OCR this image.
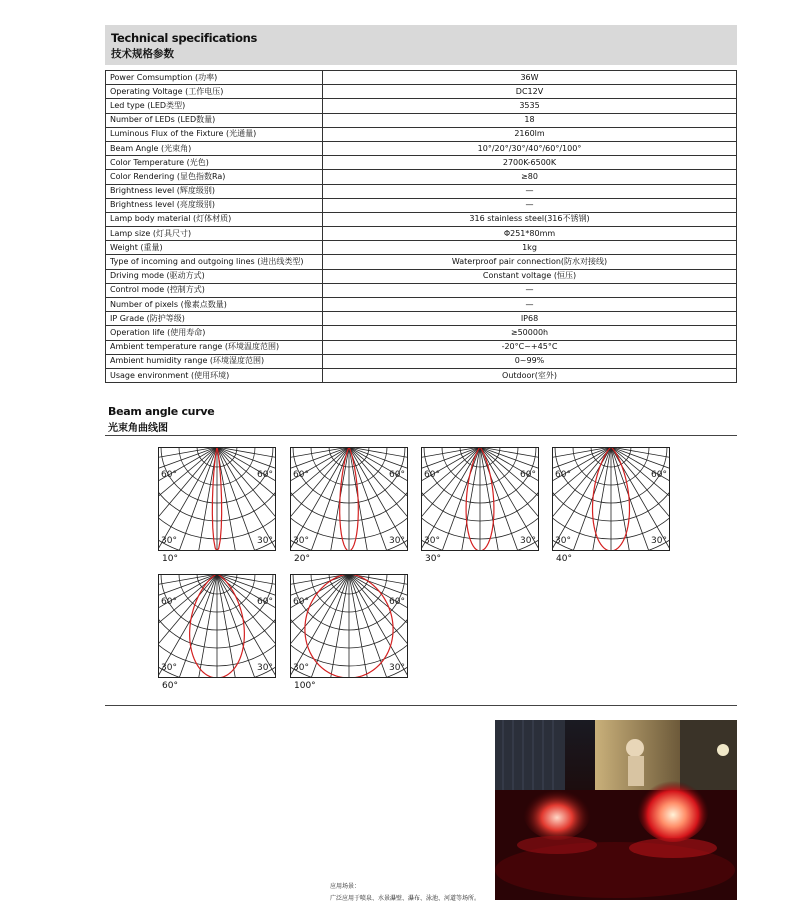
Technical specifications
技术规格参数
Power Comsumption (功率)	36W
Operating Voltage (工作电压)	DC12V
Led type (LED类型)	3535
Number of LEDs (LED数量)	18
Luminous Flux of the Fixture (光通量)	2160lm
Beam Angle (光束角)	10°/20°/30°/40°/60°/100°
Color Temperature (光色)	2700K-6500K
Color Rendering (显色指数Ra)	≥80
Brightness level (辉度级别)	—
Brightness level (亮度级别)	—
Lamp body material (灯体材质)	316 stainless steel(316不锈钢)
Lamp size (灯具尺寸)	Φ251*80mm
Weight (重量)	1kg
Type of incoming and outgoing lines (进出线类型)	Waterproof pair connection(防水对接线)
Driving mode (驱动方式)	Constant voltage (恒压)
Control mode (控制方式)	—
Number of pixels (像素点数量)	—
IP Grade (防护等级)	IP68
Operation life (使用寿命)	≥50000h
Ambient temperature range (环境温度范围)	-20°C~+45°C
Ambient humidity range (环境湿度范围)	0~99%
Usage environment (使用环境)	Outdoor(室外)
Beam angle curve
光束角曲线图
60°	60°
30°	30°
10°
60°	60°
30°	30°
20°
60°	60°
30°	30°
30°
60°	60°
30°	30°
40°
60°	60°
30°	30°
60°
60°	60°
30°	30°
100°
应用场景：
广泛应用于喷泉、水景瀑壁、瀑布、泳池、河道等场所。
